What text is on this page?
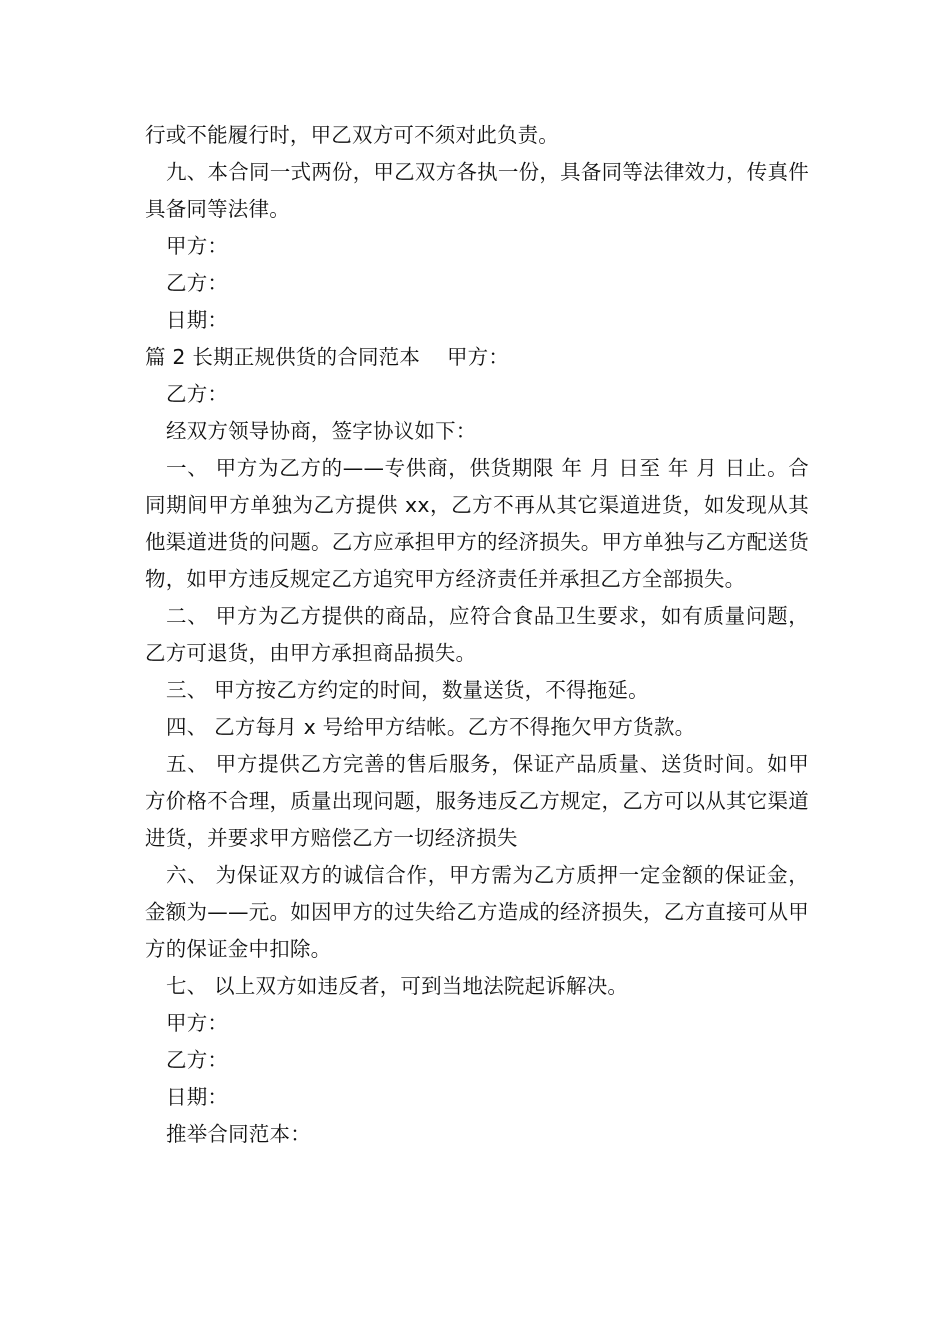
行或不能履行时，甲乙双方可不须对此负责。

九、本合同一式两份，甲乙双方各执一份，具备同等法律效力，传真件具备同等法律。

甲方：

乙方：

日期：

篇 2 长期正规供货的合同范本    甲方：

乙方：

经双方领导协商，签字协议如下：

一、 甲方为乙方的——专供商，供货期限 年 月 日至 年 月 日止。合同期间甲方单独为乙方提供 xx，乙方不再从其它渠道进货，如发现从其他渠道进货的问题。乙方应承担甲方的经济损失。甲方单独与乙方配送货物，如甲方违反规定乙方追究甲方经济责任并承担乙方全部损失。

二、 甲方为乙方提供的商品，应符合食品卫生要求，如有质量问题，乙方可退货，由甲方承担商品损失。

三、 甲方按乙方约定的时间，数量送货，不得拖延。

四、 乙方每月 x 号给甲方结帐。乙方不得拖欠甲方货款。

五、 甲方提供乙方完善的售后服务，保证产品质量、送货时间。如甲方价格不合理，质量出现问题，服务违反乙方规定，乙方可以从其它渠道进货，并要求甲方赔偿乙方一切经济损失

六、 为保证双方的诚信合作，甲方需为乙方质押一定金额的保证金，金额为——元。如因甲方的过失给乙方造成的经济损失，乙方直接可从甲方的保证金中扣除。

七、 以上双方如违反者，可到当地法院起诉解决。

甲方：

乙方：

日期：

推举合同范本：
